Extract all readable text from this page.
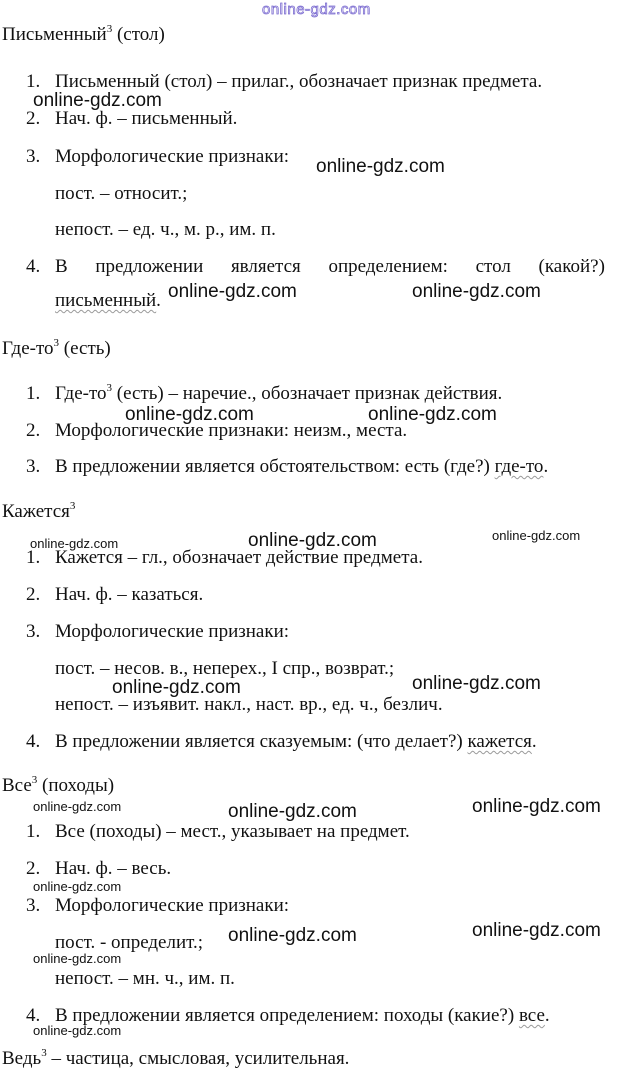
online-gdz.com
Письменный$^3$ (стол)
1. Письменный (стол) – прилаг., обозначает признак предмета.
2. Нач. ф. – письменный.
3. Морфологические признаки:
пост. – относит.;
непост. – ед. ч., м. р., им. п.
4. В предложении является определением: стол (какой?)
письменный.
Где-$то^3$ (есть)
1. Где-$то^3$ (есть) – наречие., обозначает признак действия.
2. Морфологические признаки: неизм., места.
3. В предложении является обстоятельством: есть (где?) где-то.
Кажется$^3$
1. Кажется – гл., обозначает действие предмета.
2. Нач. ф. – казаться.
3. Морфологические признаки:
пост. – несов. в., неперех., I спр., возврат.;
непост. – изъявит. накл., наст. вр., ед. ч., безлич.
4. В предложении является сказуемым: (что делает?) кажется.
Все$^3$ (походы)
1. Все (походы) – мест., указывает на предмет.
2. Нач. ф. – весь.
3. Морфологические признаки:
пост. - определит.;
непост. – мн. ч., им. п.
4. В предложении является определением: походы (какие?) все.
Ведь$^3$ – частица, смысловая, усилительная.
online-gdz.com
online-gdz.com
online-gdz.com	online-gdz.com
online-gdz.com	online-gdz.com
online-gdz.com	online-gdz.com
online-gdz.com
online-gdz.com	online-gdz.com
online-gdz.com	online-gdz.com
online-gdz.com
online-gdz.com
online-gdz.com	online-gdz.com
online-gdz.com
online-gdz.com
